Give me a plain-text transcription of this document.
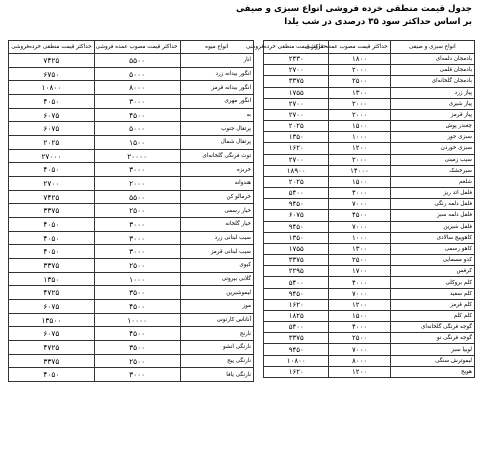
جدول قیمت منطقی خرده فروشی انواع سبزی و صیفی
بر اساس حداکثر سود ۳۵ درصدی در شب یلدا
انواع سبزی و صیفی	حداکثر قیمت مصوب عمده فروشی	حداکثر قیمت منطقی خرده‌فروشی
بادمجان دلمه‌ای	۱۸۰۰	۲۴۳۰
بادمجان قلمی	۲۰۰۰	۲۷۰۰
بادمجان گلخانه‌ای	۲۵۰۰	۳۳۷۵
پیاز زرد	۱۳۰۰	۱۷۵۵
پیاز شیری	۲۰۰۰	۲۷۰۰
پیاز قرمز	۲۰۰۰	۲۷۰۰
چغندر پوش	۱۵۰۰	۲۰۲۵
سبزی جور	۱۰۰۰	۱۳۵۰
سبزی خوردن	۱۲۰۰	۱۶۲۰
سیب زمینی	۲۰۰۰	۲۷۰۰
سیرخشک	۱۴۰۰۰	۱۸۹۰۰
شلغم	۱۵۰۰	۲۰۲۵
فلفل اتد ریز	۴۰۰۰	۵۴۰۰
فلفل دلمه رنگی	۷۰۰۰	۹۴۵۰
فلفل دلمه سبز	۴۵۰۰	۶۰۷۵
فلفل شیرین	۷۰۰۰	۹۴۵۰
کاهوپیچ سالادی	۱۰۰۰	۱۳۵۰
کاهو رسمی	۱۳۰۰	۱۷۵۵
کدو مسمایی	۲۵۰۰	۳۳۷۵
کرفس	۱۷۰۰	۲۲۹۵
کلم بروکلی	۴۰۰۰	۵۴۰۰
کلم سفید	۷۰۰۰	۹۴۵۰
کلم قرمز	۱۲۰۰	۱۶۲۰
کلم کلم	۱۵۰۰	۱۸۲۵
گوجه فرنگی گلخانه‌ای	۴۰۰۰	۵۴۰۰
گوجه فرنگی نو	۲۵۰۰	۳۳۷۵
لوبیا سبز	۷۰۰۰	۹۴۵۰
لیموترش سنگی	۸۰۰۰	۱۰۸۰۰
هویج	۱۲۰۰	۱۶۲۰
انواع میوه	حداکثر قیمت مصوب عمده فروشی	حداکثر قیمت منطقی خرده‌فروشی
انار	۵۵۰۰	۷۴۲۵
انگور بیدانه زرد	۵۰۰۰	۶۷۵۰
انگور بیدانه قرمز	۸۰۰۰	۱۰۸۰۰
انگور مهری	۳۰۰۰	۴۰۵۰
به	۴۵۰۰	۶۰۷۵
پرتقال جنوب	۵۰۰۰	۶۰۷۵
پرتقال شمال	۱۵۰۰	۲۰۲۵
توت فرنگی گلخانه‌ای	۲۰۰۰۰	۲۷۰۰۰
خربزه	۳۰۰۰	۴۰۵۰
هندوانه	۲۰۰۰	۲۷۰۰
خرمالو کن	۵۵۰۰	۷۴۲۵
خیار رسمی	۲۵۰۰	۳۳۷۵
خیار گلخانه	۳۰۰۰	۴۰۵۰
سیب لبنانی زرد	۳۰۰۰	۴۰۵۰
سیب لبنانی قرمز	۳۰۰۰	۴۰۵۰
کیوی	۲۵۰۰	۳۳۷۵
گلابی بیروتی	۱۰۰۰	۱۳۵۰
لیموشیرین	۳۵۰۰	۴۷۲۵
موز	۴۵۰۰	۶۰۷۵
آناناس کارتونی	۱۰۰۰۰	۱۳۵۰۰
نارنج	۴۵۰۰	۶۰۷۵
نارنگی انشو	۳۵۰۰	۴۷۲۵
نارنگی پیج	۲۵۰۰	۳۳۷۵
نارنگی یافا	۳۰۰۰	۴۰۵۰
